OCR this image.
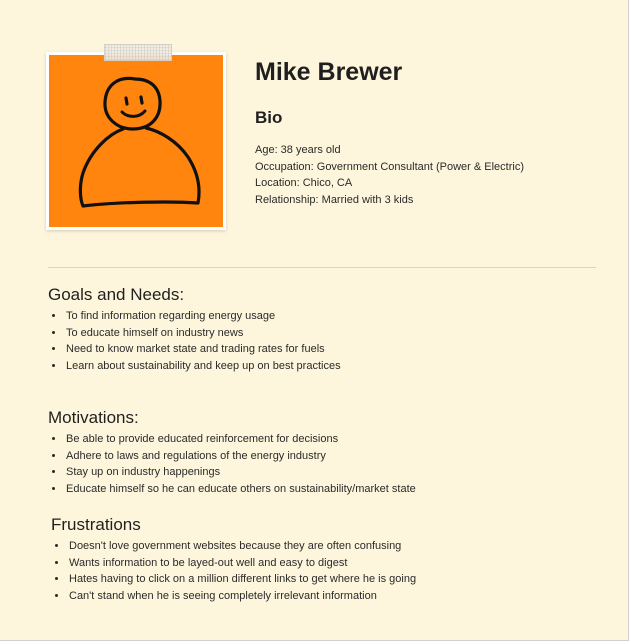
Mike Brewer
Bio
Age: 38 years old
Occupation: Government Consultant (Power & Electric)
Location: Chico, CA
Relationship: Married with 3 kids
Goals and Needs:
• To find information regarding energy usage
• To educate himself on industry news
• Need to know market state and trading rates for fuels
• Learn about sustainability and keep up on best practices
Motivations:
• Be able to provide educated reinforcement for decisions
• Adhere to laws and regulations of the energy industry
• Stay up on industry happenings
• Educate himself so he can educate others on sustainability/market state
Frustrations
• Doesn't love government websites because they are often confusing
• Wants information to be layed-out well and easy to digest
• Hates having to click on a million different links to get where he is going
• Can't stand when he is seeing completely irrelevant information
